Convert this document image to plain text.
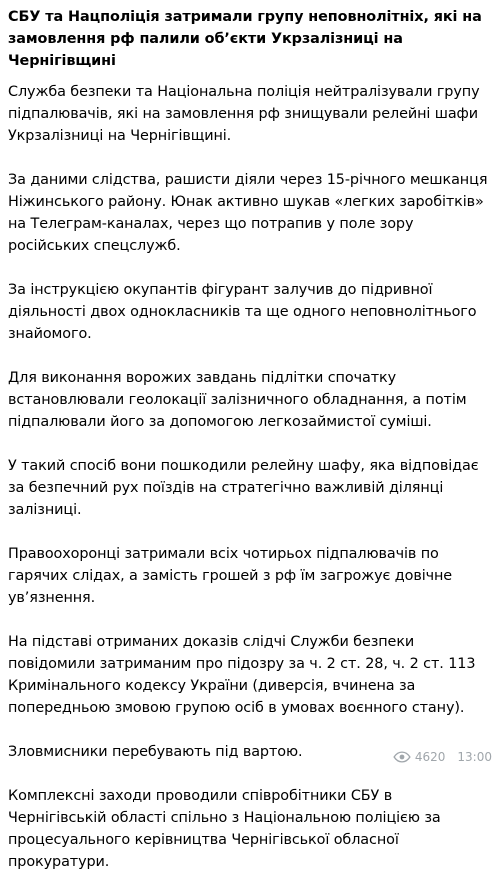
СБУ та Нацполіція затримали групу неповнолітніх, які на замовлення рф палили об’єкти Укрзалізниці на Чернігівщині
Служба безпеки та Національна поліція нейтралізували групу підпалювачів, які на замовлення рф знищували релейні шафи Укрзалізниці на Чернігівщині.
За даними слідства, рашисти діяли через 15-річного мешканця Ніжинського району. Юнак активно шукав «легких заробітків» на Телеграм-каналах, через що потрапив у поле зору російських спецслужб.
За інструкцією окупантів фігурант залучив до підривної діяльності двох однокласників та ще одного неповнолітнього знайомого.
Для виконання ворожих завдань підлітки спочатку встановлювали геолокації залізничного обладнання, а потім підпалювали його за допомогою легкозаймистої суміші.
У такий спосіб вони пошкодили релейну шафу, яка відповідає за безпечний рух поїздів на стратегічно важливій ділянці залізниці.
Правоохоронці затримали всіх чотирьох підпалювачів по гарячих слідах, а замість грошей з рф їм загрожує довічне ув’язнення.
На підставі отриманих доказів слідчі Служби безпеки повідомили затриманим про підозру за ч. 2 ст. 28, ч. 2 ст. 113 Кримінального кодексу України (диверсія, вчинена за попередньою змовою групою осіб в умовах воєнного стану).
Зловмисники перебувають під вартою.
Комплексні заходи проводили співробітники СБУ в Чернігівській області спільно з Національною поліцією за процесуального керівництва Чернігівської обласної прокуратури.
4620 13:00
